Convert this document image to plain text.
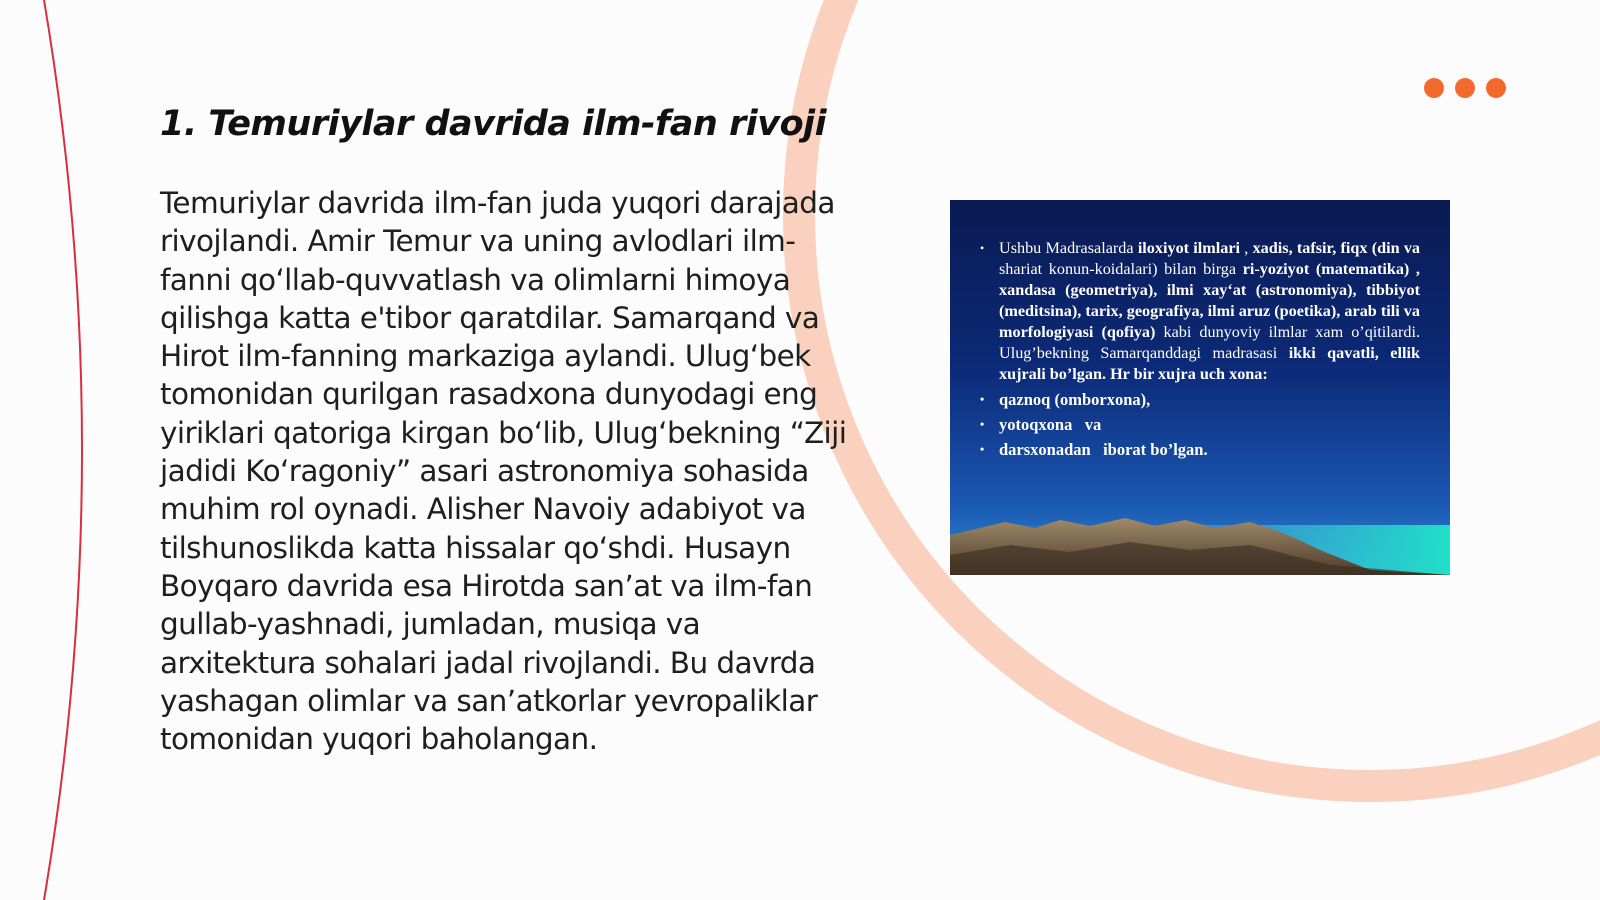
1. Temuriylar davrida ilm-fan rivoji

Temuriylar davrida ilm-fan juda yuqori darajada rivojlandi. Amir Temur va uning avlodlari ilm-fanni qo‘llab-quvvatlash va olimlarni himoya qilishga katta e'tibor qaratdilar. Samarqand va Hirot ilm-fanning markaziga aylandi. Ulug‘bek tomonidan qurilgan rasadxona dunyodagi eng yiriklari qatoriga kirgan bo‘lib, Ulug‘bekning “Ziji jadidi Ko‘ragoniy” asari astronomiya sohasida muhim rol oynadi. Alisher Navoiy adabiyot va tilshunoslikda katta hissalar qo‘shdi. Husayn Boyqaro davrida esa Hirotda san’at va ilm-fan gullab-yashnadi, jumladan, musiqa va arxitektura sohalari jadal rivojlandi. Bu davrda yashagan olimlar va san’atkorlar yevropaliklar tomonidan yuqori baholangan.

• Ushbu Madrasalarda iloxiyot ilmlari , xadis, tafsir, fiqx (din va shariat konun-koidalari) bilan birga ri-yoziyot (matematika) , xandasa (geometriya), ilmi xay‘at (astronomiya), tibbiyot (meditsina), tarix, geografiya, ilmi aruz (poetika), arab tili va morfologiyasi (qofiya) kabi dunyoviy ilmlar xam o’qitilardi. Ulug’bekning Samarqanddagi madrasasi ikki qavatli, ellik xujrali bo’lgan. Hr bir xujra uch xona:
• qaznoq (omborxona),
• yotoqxona   va
• darsxonadan   iborat bo’lgan.
